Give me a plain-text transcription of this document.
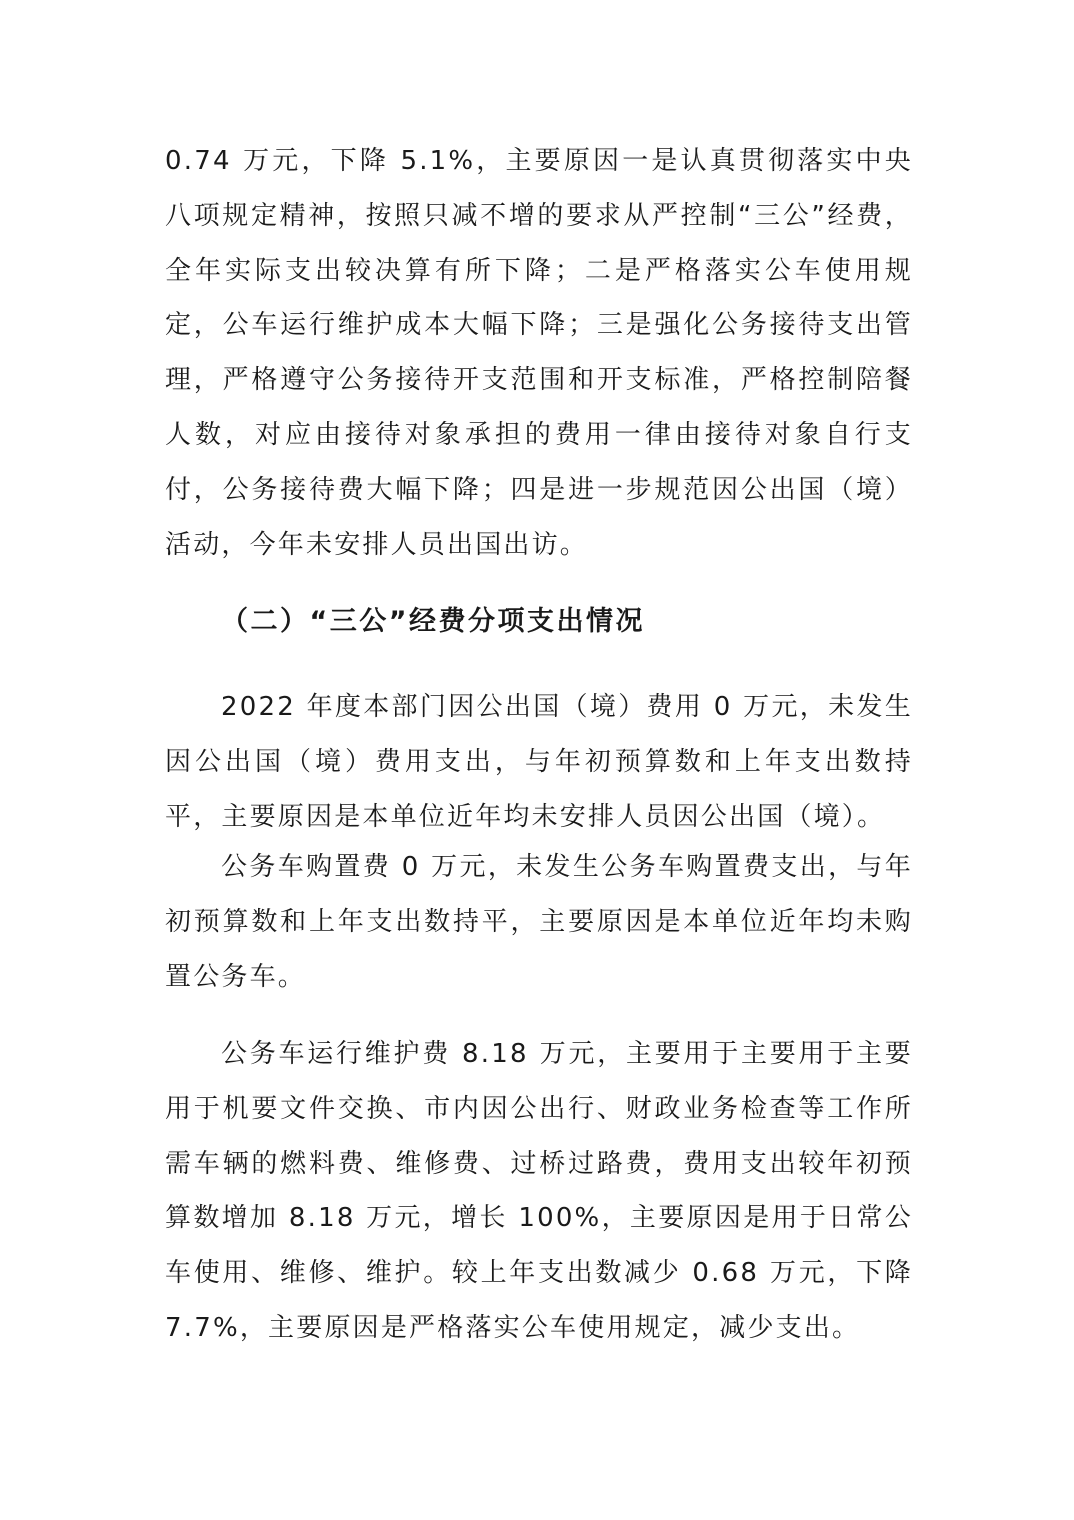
0.74 万元，下降 5.1%，主要原因一是认真贯彻落实中央八项规定精神，按照只减不增的要求从严控制“三公”经费，全年实际支出较决算有所下降；二是严格落实公车使用规定，公车运行维护成本大幅下降；三是强化公务接待支出管理，严格遵守公务接待开支范围和开支标准，严格控制陪餐人数，对应由接待对象承担的费用一律由接待对象自行支付，公务接待费大幅下降；四是进一步规范因公出国（境）活动，今年未安排人员出国出访。

（二）“三公”经费分项支出情况

2022 年度本部门因公出国（境）费用 0 万元，未发生因公出国（境）费用支出，与年初预算数和上年支出数持平，主要原因是本单位近年均未安排人员因公出国（境）。

公务车购置费 0 万元，未发生公务车购置费支出，与年初预算数和上年支出数持平，主要原因是本单位近年均未购置公务车。

公务车运行维护费 8.18 万元，主要用于主要用于主要用于机要文件交换、市内因公出行、财政业务检查等工作所需车辆的燃料费、维修费、过桥过路费，费用支出较年初预算数增加 8.18 万元，增长 100%，主要原因是用于日常公车使用、维修、维护。较上年支出数减少 0.68 万元，下降 7.7%，主要原因是严格落实公车使用规定，减少支出。
